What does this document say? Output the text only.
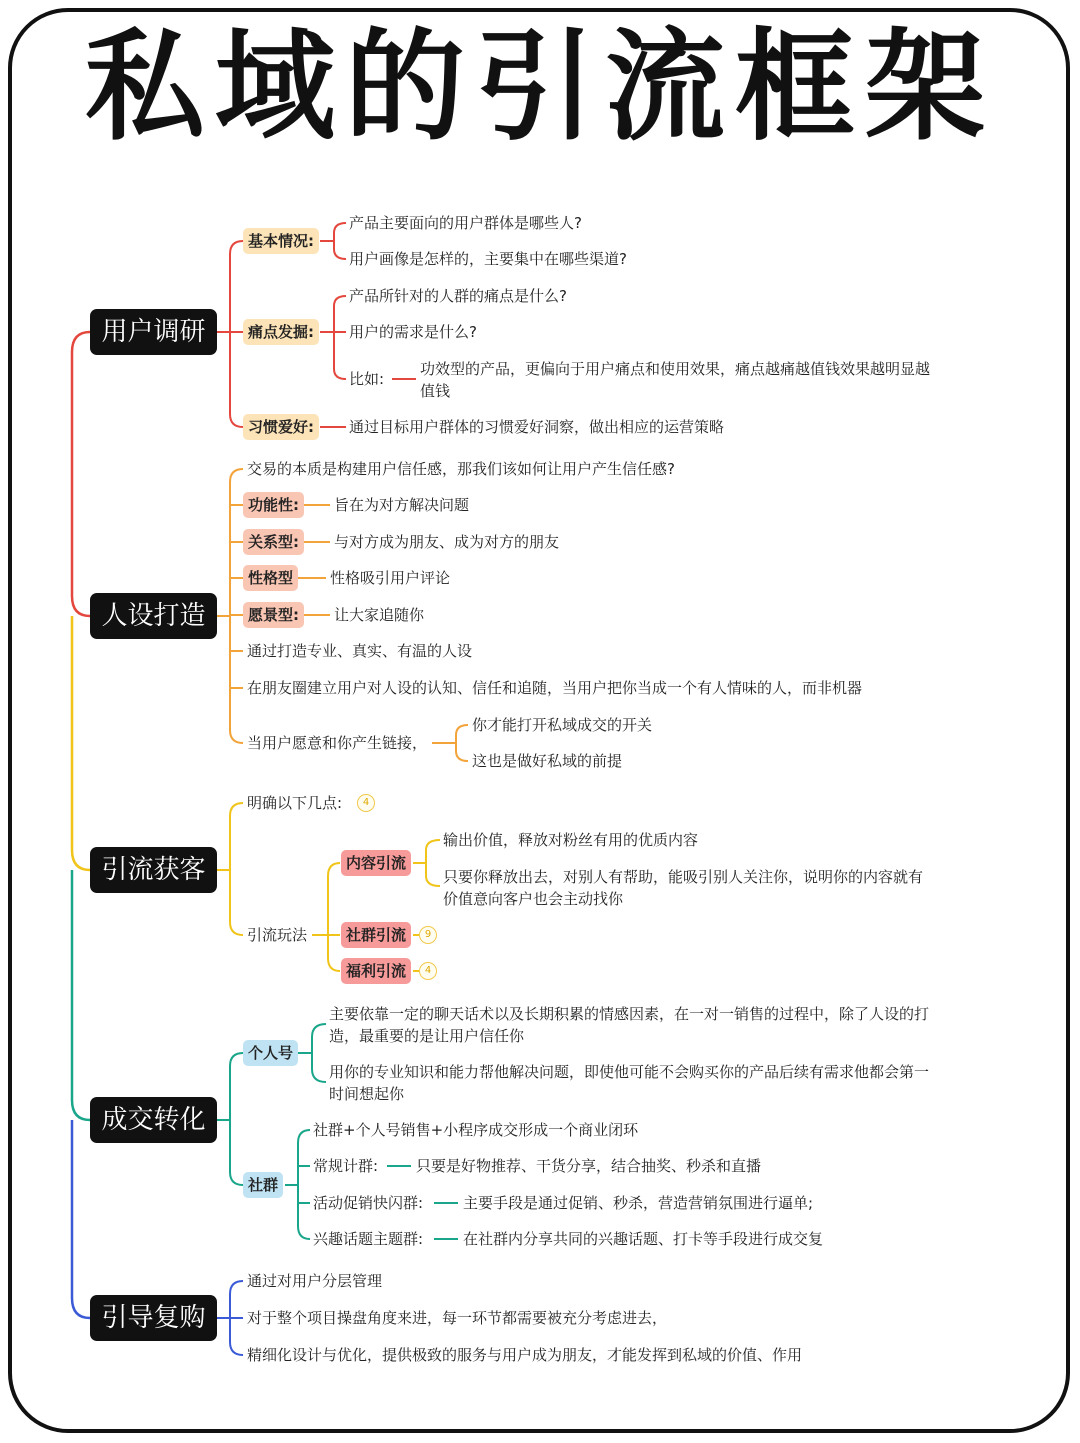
私域的引流框架
用户调研
基本情况:
产品主要面向的用户群体是哪些人?
用户画像是怎样的，主要集中在哪些渠道?
痛点发掘:
产品所针对的人群的痛点是什么?
用户的需求是什么?
比如:
功效型的产品，更偏向于用户痛点和使用效果，痛点越痛越值钱效果越明显越值钱
习惯爱好:	通过目标用户群体的习惯爱好洞察，做出相应的运营策略
人设打造
交易的本质是构建用户信任感，那我们该如何让用户产生信任感?
功能性:	旨在为对方解决问题
关系型:	与对方成为朋友、成为对方的朋友
性格型	性格吸引用户评论
愿景型:	让大家追随你
通过打造专业、真实、有温的人设
在朋友圈建立用户对人设的认知、信任和追随，当用户把你当成一个有人情味的人，而非机器
当用户愿意和你产生链接，
你才能打开私域成交的开关
这也是做好私域的前提
引流获客
明确以下几点:	4
引流玩法
内容引流
输出价值，释放对粉丝有用的优质内容
只要你释放出去，对别人有帮助，能吸引别人关注你，说明你的内容就有价值意向客户也会主动找你
社群引流	9
福利引流	4
成交转化
个人号
主要依靠一定的聊天话术以及长期积累的情感因素，在一对一销售的过程中，除了人设的打造，最重要的是让用户信任你
用你的专业知识和能力帮他解决问题，即使他可能不会购买你的产品后续有需求他都会第一时间想起你
社群
社群+个人号销售+小程序成交形成一个商业闭环
常规计群:	只要是好物推荐、干货分享，结合抽奖、秒杀和直播
活动促销快闪群:	主要手段是通过促销、秒杀，营造营销氛围进行逼单;
兴趣话题主题群:	在社群内分享共同的兴趣话题、打卡等手段进行成交复
引导复购
通过对用户分层管理
对于整个项目操盘角度来进，每一环节都需要被充分考虑进去，
精细化设计与优化，提供极致的服务与用户成为朋友，才能发挥到私域的价值、作用
